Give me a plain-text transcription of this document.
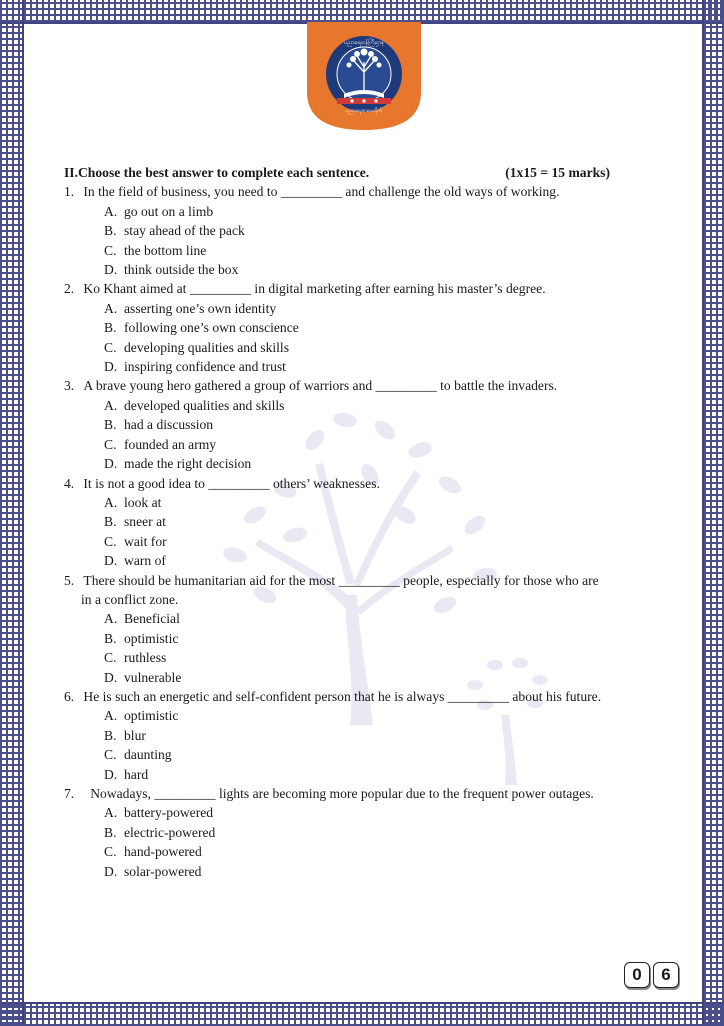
ပညာရေးဝန်ကြီးဌာန
ပညာရေးစာပေတိုက်
II.Choose the best answer to complete each sentence.	(1x15 = 15 marks)
1.
In the field of business, you need to _________ and challenge the old ways of working.
A. go out on a limb
B. stay ahead of the pack
C. the bottom line
D. think outside the box
2.
Ko Khant aimed at _________ in digital marketing after earning his master’s degree.
A. asserting one’s own identity
B. following one’s own conscience
C. developing qualities and skills
D. inspiring confidence and trust
3.
A brave young hero gathered a group of warriors and _________ to battle the invaders.
A. developed qualities and skills
B. had a discussion
C. founded an army
D. made the right decision
4.
It is not a good idea to _________ others’ weaknesses.
A. look at
B. sneer at
C. wait for
D. warn of
5.
There should be humanitarian aid for the most _________ people, especially for those who are
in a conflict zone.
A. Beneficial
B. optimistic
C. ruthless
D. vulnerable
6.
He is such an energetic and self-confident person that he is always _________ about his future.
A. optimistic
B. blur
C. daunting
D. hard
7.
Nowadays, _________ lights are becoming more popular due to the frequent power outages.
A. battery-powered
B. electric-powered
C. hand-powered
D. solar-powered
0	6
